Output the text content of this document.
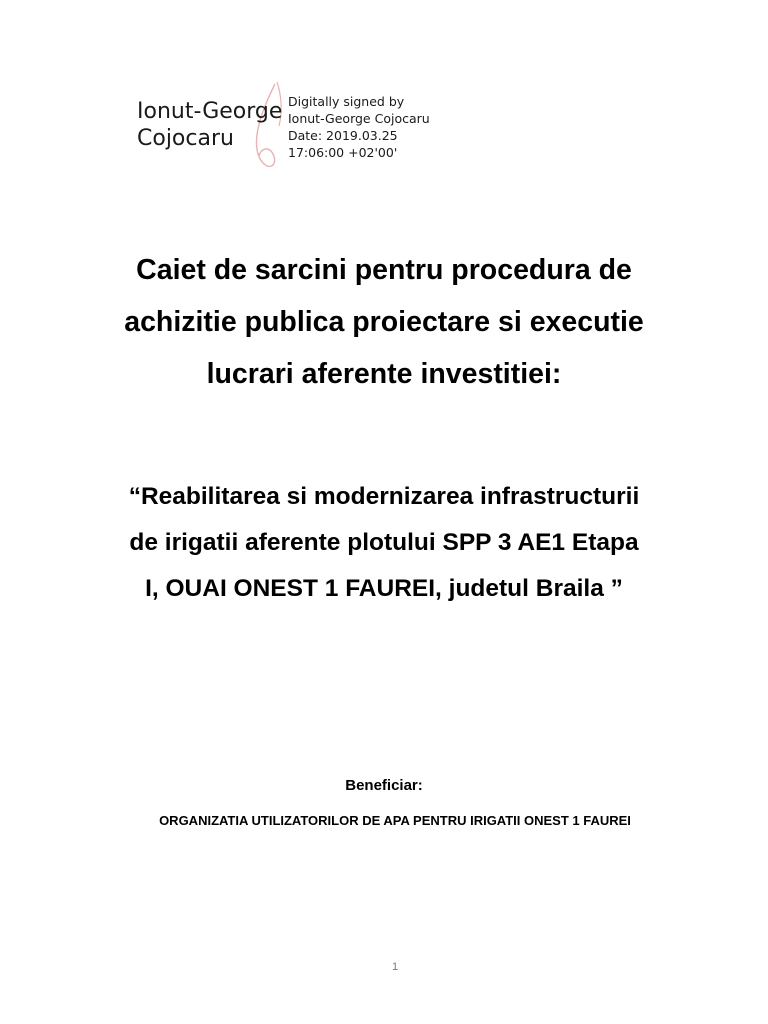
Ionut-George
Cojocaru
Digitally signed by
Ionut-George Cojocaru
Date: 2019.03.25
17:06:00 +02'00'
Caiet de sarcini pentru procedura de
achizitie publica proiectare si executie
lucrari aferente investitiei:
“Reabilitarea si modernizarea infrastructurii
de irigatii aferente plotului SPP 3 AE1 Etapa
I, OUAI ONEST 1 FAUREI, judetul Braila ”
Beneficiar:
ORGANIZATIA UTILIZATORILOR DE APA PENTRU IRIGATII ONEST 1 FAUREI
1
